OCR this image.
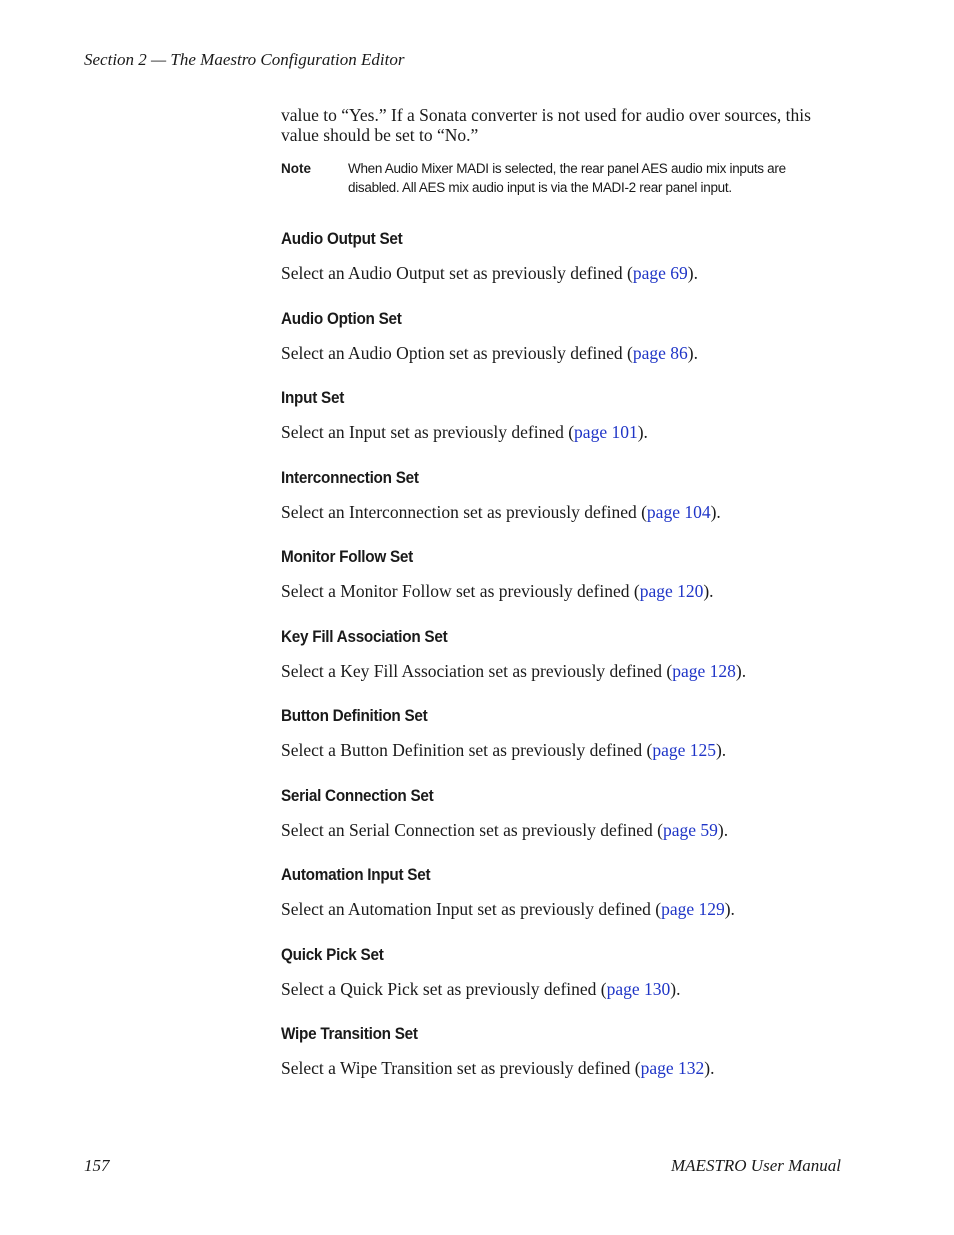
Section 2 — The Maestro Configuration Editor

value to “Yes.” If a Sonata converter is not used for audio over sources, this value should be set to “No.”

Note	When Audio Mixer MADI is selected, the rear panel AES audio mix inputs are disabled. All AES mix audio input is via the MADI-2 rear panel input.
Audio Output Set

Select an Audio Output set as previously defined (page 69).

Audio Option Set

Select an Audio Option set as previously defined (page 86).

Input Set

Select an Input set as previously defined (page 101).

Interconnection Set

Select an Interconnection set as previously defined (page 104).

Monitor Follow Set

Select a Monitor Follow set as previously defined (page 120).

Key Fill Association Set

Select a Key Fill Association set as previously defined (page 128).

Button Definition Set

Select a Button Definition set as previously defined (page 125).

Serial Connection Set

Select an Serial Connection set as previously defined (page 59).

Automation Input Set

Select an Automation Input set as previously defined (page 129).

Quick Pick Set

Select a Quick Pick set as previously defined (page 130).

Wipe Transition Set

Select a Wipe Transition set as previously defined (page 132).

157	MAESTRO User Manual
